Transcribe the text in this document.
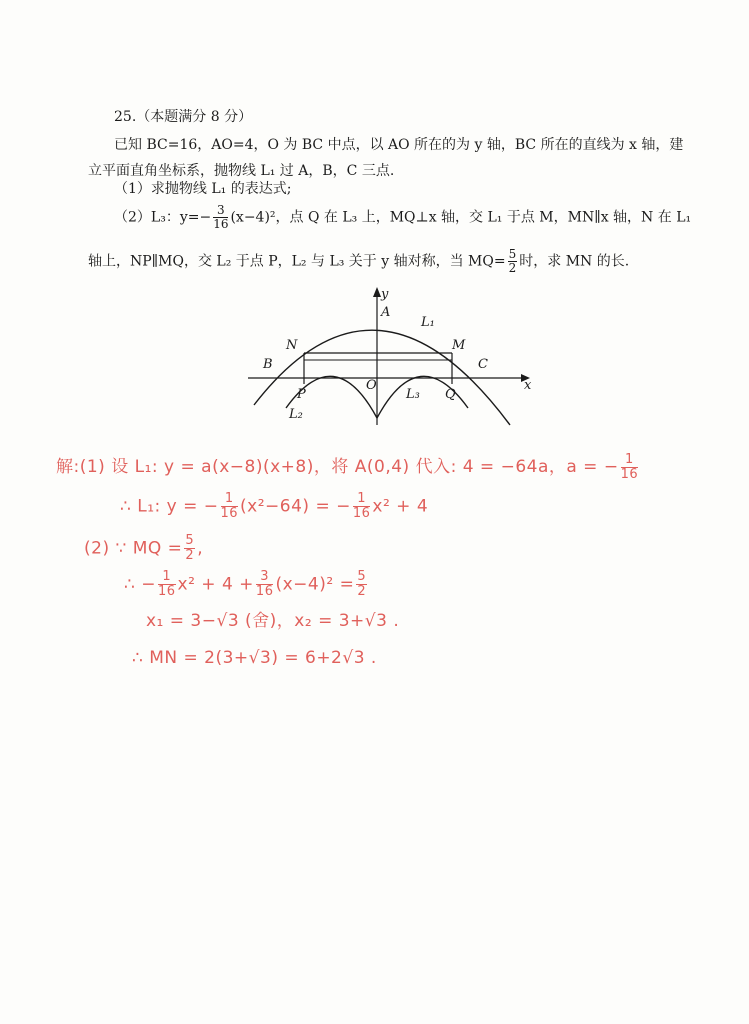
25.（本题满分 8 分）
已知 BC=16，AO=4，O 为 BC 中点，以 AO 所在的为 y 轴，BC 所在的直线为 x 轴，建
立平面直角坐标系，抛物线 L₁ 过 A，B，C 三点.
（1）求抛物线 L₁ 的表达式;
（2）L₃：$y=- \frac{3}{16} (x-4)^2$，点 Q 在 L₃ 上，MQ⊥x 轴，交 L₁ 于点 M，MN∥x 轴，N 在 L₁
轴上，NP∥MQ，交 L₂ 于点 P，L₂ 与 L₃ 关于 y 轴对称，当 $MQ= \frac{5}{2}$ 时，求 MN 的长.
y
A
L₁
N	M
B	C
O	x
P	Q
L₃
L₂
解:(1) 设 L₁: y = a(x−8)(x+8)，将 A(0,4) 代入: 4 = −64a，a = − $\frac{1}{16}$
∴ L₁: y = − $\frac{1}{16} (x^2-64)$ = − $\frac{1}{16} x^2 + 4$
(2) ∵ MQ = $\frac{5}{2}$ ,
∴ − $\frac{1}{16} x^2 + 4 + \frac{3}{16} (x-4)^2 = \frac{5}{2}$
x₁ = 3−√3 (舍)，x₂ = 3+√3 .
∴ MN = 2(3+√3) = 6+2√3 .
